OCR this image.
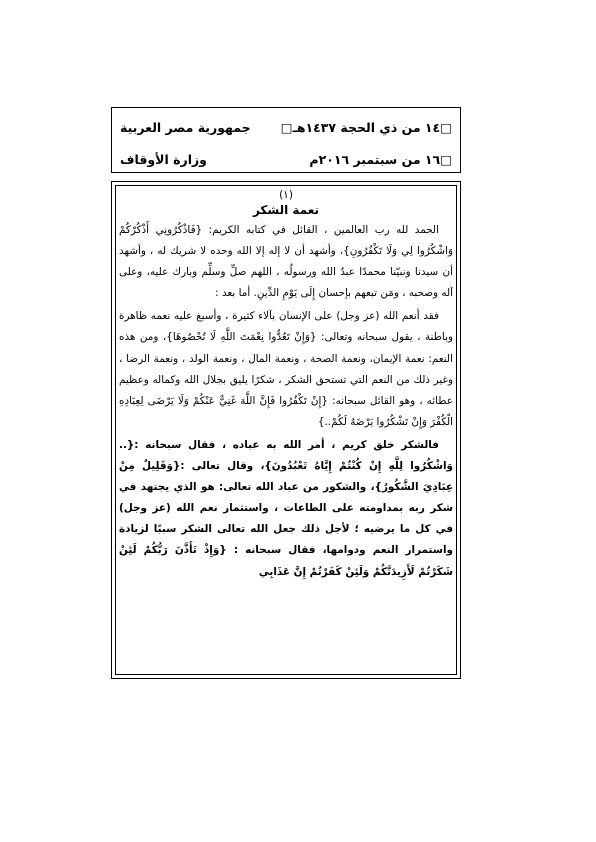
جمهورية مصر العربية □١٤ من ذي الحجة ١٤٣٧هـ□
وزارة الأوقاف	□١٦ من سبتمبر ٢٠١٦م

(١)

نعمة الشكر

الحمد لله رب العالمين ، القائل في كتابه الكريم: {فَاذْكُرُونِي أَذْكُرْكُمْ وَاشْكُرُوا لِي وَلَا تَكْفُرُونِ}، وأشهد أن لا إله إلا الله وحده لا شريك له ، وأشهد أن سيدنا ونبيّنا محمدًا عبدُ الله ورسولُه ، اللهم صلِّ وسلِّم وبارك عليه، وعلى آله وصحبه ، ومَن تبعهم بإحسان إِلَى يَوْمِ الدِّينِ. أما بعد :

فقد أنعم الله (عز وجل) على الإنسان بآلاء كثيرة ، وأسبغ عليه نعمه ظاهرة وباطنة ، يقول سبحانه وتعالى: {وَإِنْ تَعُدُّوا نِعْمَتَ اللَّهِ لَا تُحْصُوهَا}، ومن هذه النعم: نعمة الإيمان، ونعمة الصحة ، ونعمة المال ، ونعمة الولد ، ونعمة الرضا ، وغير ذلك من النعم التي تستحق الشكر ، شكرًا يليق بجلال الله وكماله وعظيم عطائه ، وهو القائل سبحانه: {إِنْ تَكْفُرُوا فَإِنَّ اللَّهَ غَنِيٌّ عَنْكُمْ وَلَا يَرْضَى لِعِبَادِهِ الْكُفْرَ وَإِنْ تَشْكُرُوا يَرْضَهُ لَكُمْ..}

فالشكر خلق كريم ، أمر الله به عباده ، فقال سبحانه :{.. وَاشْكُرُوا لِلَّهِ إِنْ كُنْتُمْ إِيَّاهُ تَعْبُدُونَ}، وقال تعالى :{وَقَلِيلٌ مِنْ عِبَادِيَ الشَّكُورُ}، والشكور من عباد الله تعالى: هو الذي يجتهد في شكر ربه بمداومته على الطاعات ، واستثمار نعم الله (عز وجل) في كل ما يرضيه ؛ لأجل ذلك جعل الله تعالى الشكر سببًا لزيادة واستمرار النعم ودوامها، فقال سبحانه : {وَإِذْ تَأَذَّنَ رَبُّكُمْ لَئِنْ شَكَرْتُمْ لَأَزِيدَنَّكُمْ وَلَئِنْ كَفَرْتُمْ إِنَّ عَذَابِي
